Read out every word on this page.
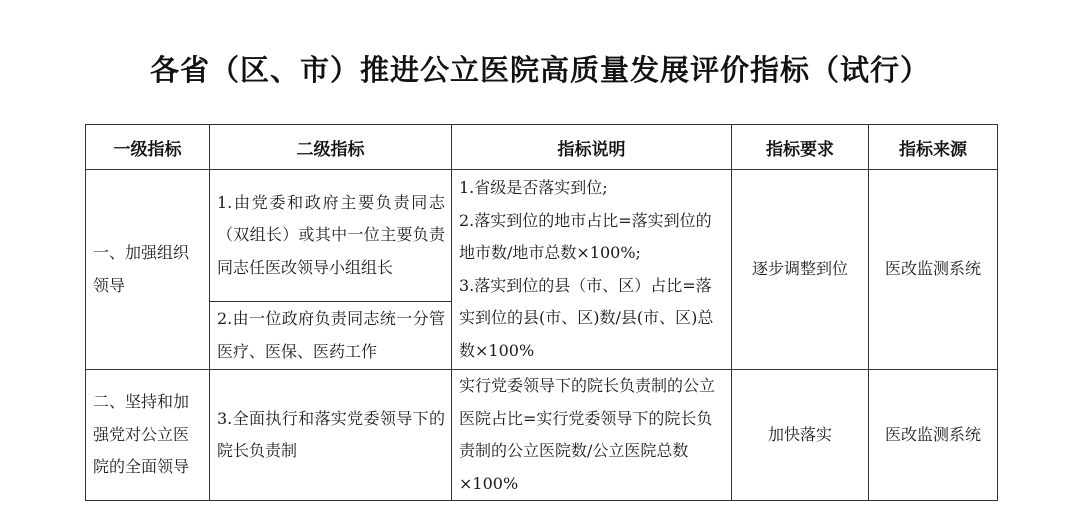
各省（区、市）推进公立医院高质量发展评价指标（试行）
一级指标	二级指标	指标说明	指标要求	指标来源
一、加强组织领导	1.由党委和政府主要负责同志（双组长）或其中一位主要负责同志任医改领导小组组长	1.省级是否落实到位;
2.落实到位的地市占比=落实到位的地市数/地市总数×100%;
3.落实到位的县（市、区）占比=落实到位的县(市、区)数/县(市、区)总数×100%	逐步调整到位	医改监测系统
	2.由一位政府负责同志统一分管医疗、医保、医药工作			
二、坚持和加强党对公立医院的全面领导	3.全面执行和落实党委领导下的院长负责制	实行党委领导下的院长负责制的公立医院占比=实行党委领导下的院长负责制的公立医院数/公立医院总数×100%	加快落实	医改监测系统
